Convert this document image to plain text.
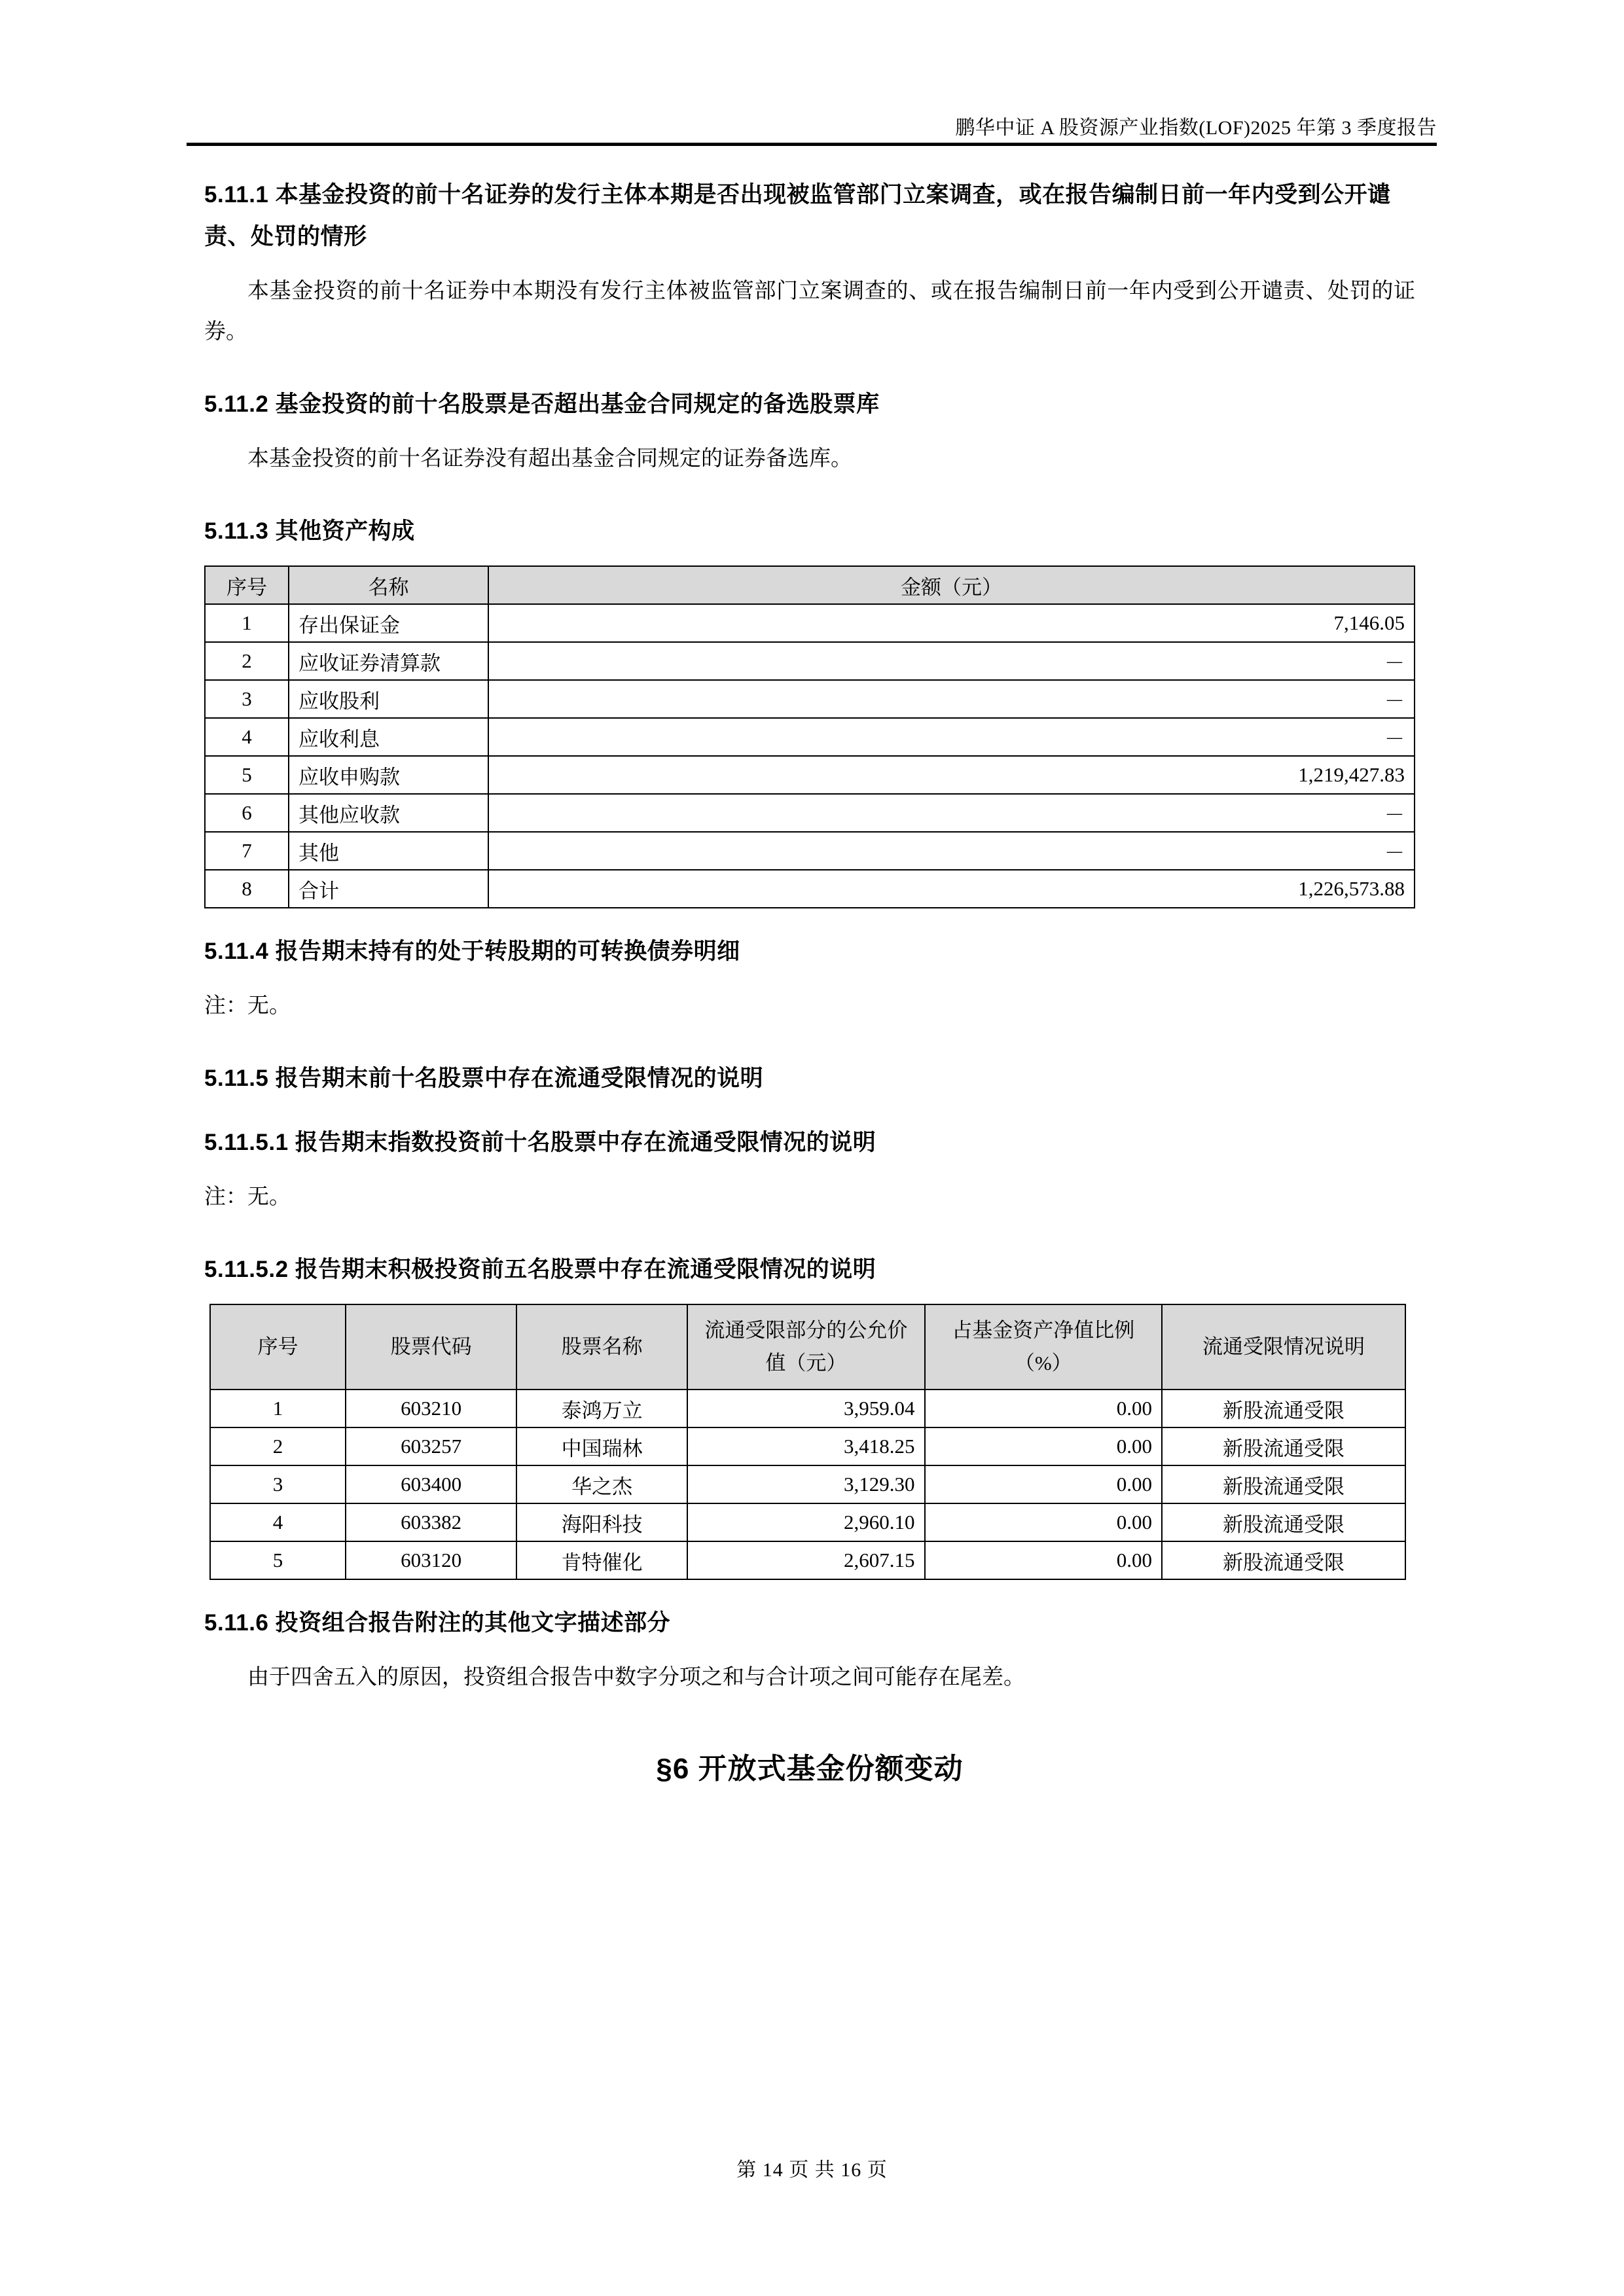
鹏华中证 A 股资源产业指数(LOF)2025 年第 3 季度报告
5.11.1 本基金投资的前十名证券的发行主体本期是否出现被监管部门立案调查，或在报告编制日前一年内受到公开谴责、处罚的情形

本基金投资的前十名证券中本期没有发行主体被监管部门立案调查的、或在报告编制日前一年内受到公开谴责、处罚的证券。

5.11.2 基金投资的前十名股票是否超出基金合同规定的备选股票库

本基金投资的前十名证券没有超出基金合同规定的证券备选库。

5.11.3 其他资产构成
序号	名称	金额（元）
1	存出保证金	7,146.05
2	应收证券清算款	－
3	应收股利	－
4	应收利息	－
5	应收申购款	1,219,427.83
6	其他应收款	－
7	其他	－
8	合计	1,226,573.88
5.11.4 报告期末持有的处于转股期的可转换债券明细

注：无。

5.11.5 报告期末前十名股票中存在流通受限情况的说明
5.11.5.1 报告期末指数投资前十名股票中存在流通受限情况的说明

注：无。

5.11.5.2 报告期末积极投资前五名股票中存在流通受限情况的说明
序号	股票代码	股票名称	流通受限部分的公允价值（元）	占基金资产净值比例（%）	流通受限情况说明
1	603210	泰鸿万立	3,959.04	0.00	新股流通受限
2	603257	中国瑞林	3,418.25	0.00	新股流通受限
3	603400	华之杰	3,129.30	0.00	新股流通受限
4	603382	海阳科技	2,960.10	0.00	新股流通受限
5	603120	肯特催化	2,607.15	0.00	新股流通受限
5.11.6 投资组合报告附注的其他文字描述部分

由于四舍五入的原因，投资组合报告中数字分项之和与合计项之间可能存在尾差。

§6 开放式基金份额变动
第 14 页 共 16 页
